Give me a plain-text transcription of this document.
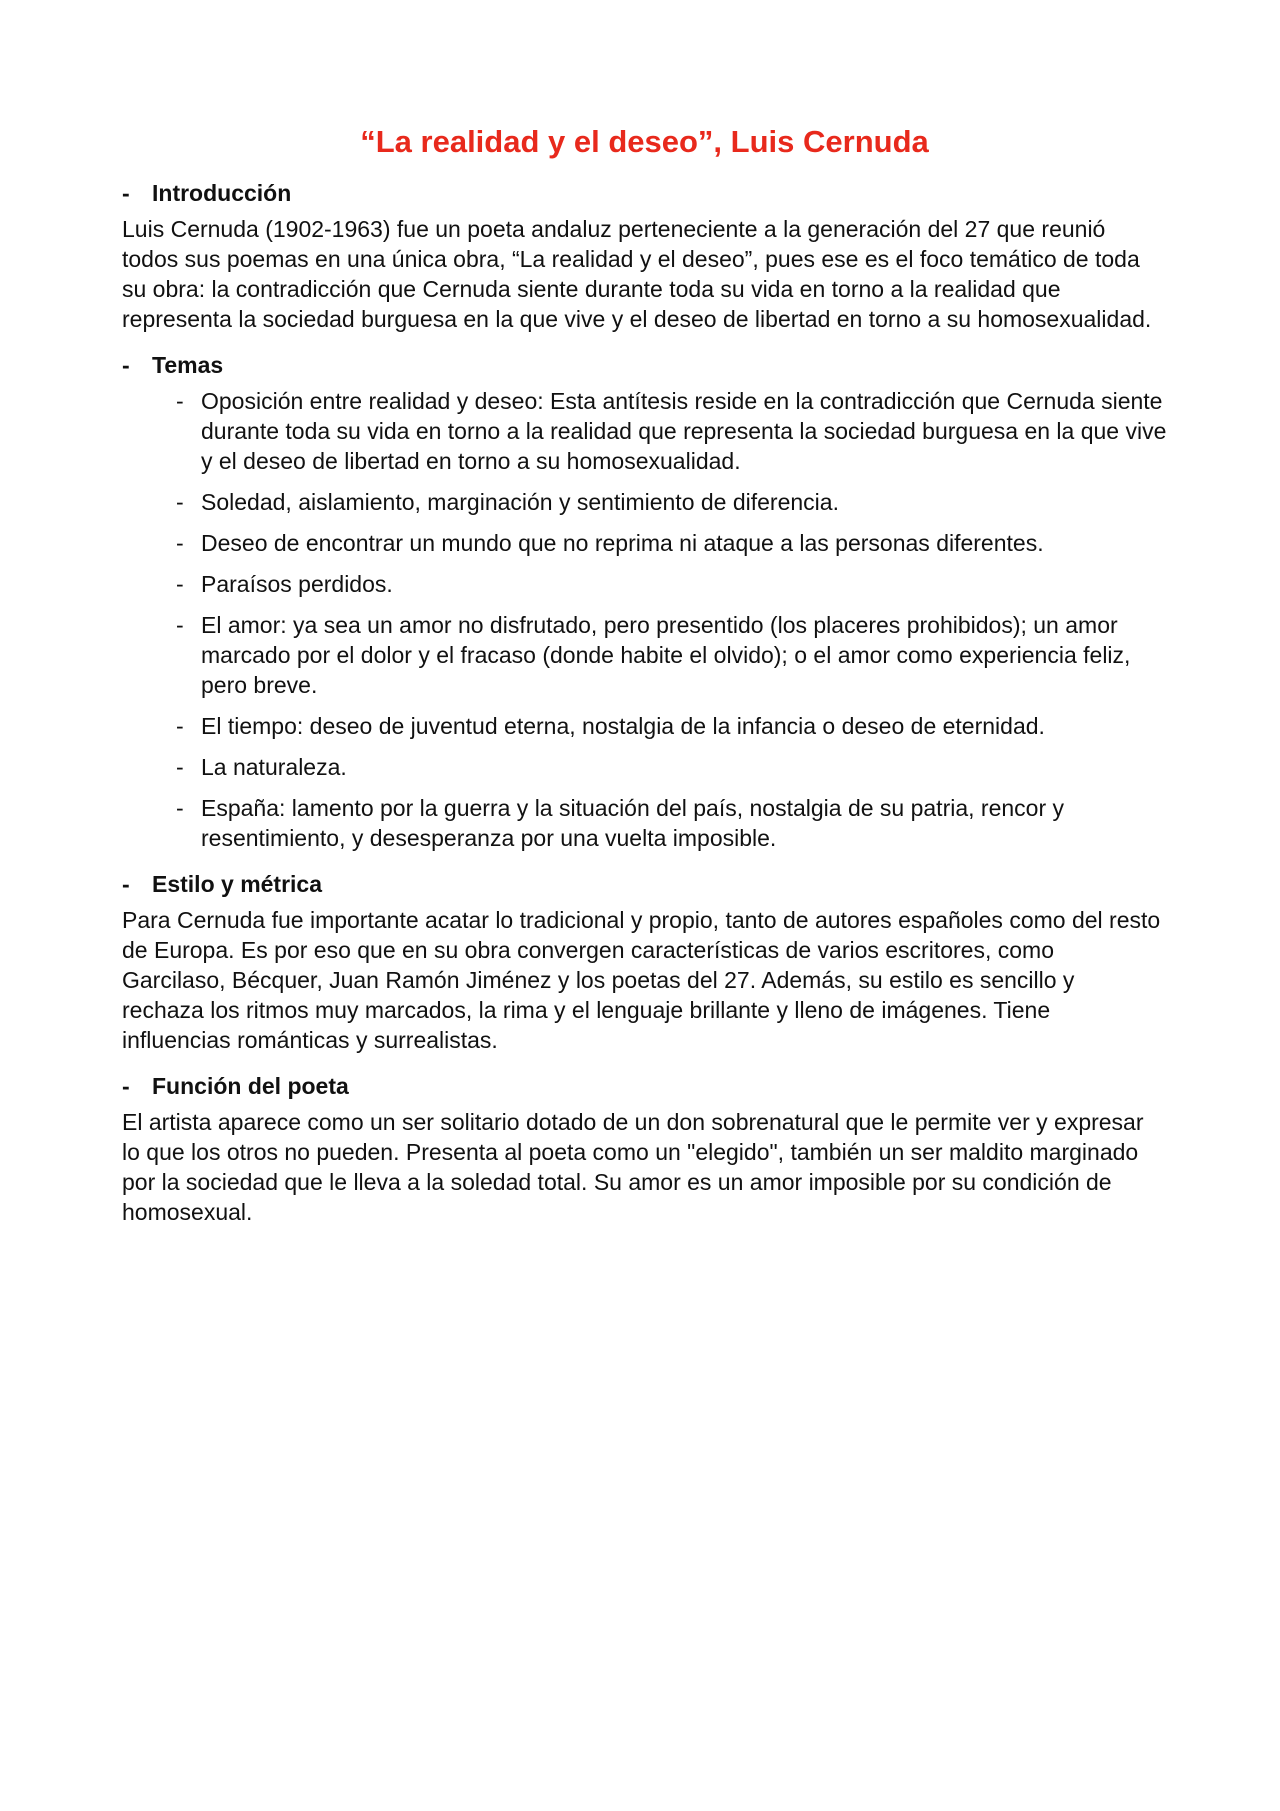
“La realidad y el deseo”, Luis Cernuda
- Introducción

Luis Cernuda (1902-1963) fue un poeta andaluz perteneciente a la generación del 27 que reunió todos sus poemas en una única obra, “La realidad y el deseo”, pues ese es el foco temático de toda su obra: la contradicción que Cernuda siente durante toda su vida en torno a la realidad que representa la sociedad burguesa en la que vive y el deseo de libertad en torno a su homosexualidad.

- Temas
- Oposición entre realidad y deseo: Esta antítesis reside en la contradicción que Cernuda siente durante toda su vida en torno a la realidad que representa la sociedad burguesa en la que vive y el deseo de libertad en torno a su homosexualidad.
- Soledad, aislamiento, marginación y sentimiento de diferencia.
- Deseo de encontrar un mundo que no reprima ni ataque a las personas diferentes.
- Paraísos perdidos.
- El amor: ya sea un amor no disfrutado, pero presentido (los placeres prohibidos); un amor marcado por el dolor y el fracaso (donde habite el olvido); o el amor como experiencia feliz, pero breve.
- El tiempo: deseo de juventud eterna, nostalgia de la infancia o deseo de eternidad.
- La naturaleza.
- España: lamento por la guerra y la situación del país, nostalgia de su patria, rencor y resentimiento, y desesperanza por una vuelta imposible.
- Estilo y métrica

Para Cernuda fue importante acatar lo tradicional y propio, tanto de autores españoles como del resto de Europa. Es por eso que en su obra convergen características de varios escritores, como Garcilaso, Bécquer, Juan Ramón Jiménez y los poetas del 27. Además, su estilo es sencillo y rechaza los ritmos muy marcados, la rima y el lenguaje brillante y lleno de imágenes. Tiene influencias románticas y surrealistas.

- Función del poeta

El artista aparece como un ser solitario dotado de un don sobrenatural que le permite ver y expresar lo que los otros no pueden. Presenta al poeta como un "elegido", también un ser maldito marginado por la sociedad que le lleva a la soledad total. Su amor es un amor imposible por su condición de homosexual.
